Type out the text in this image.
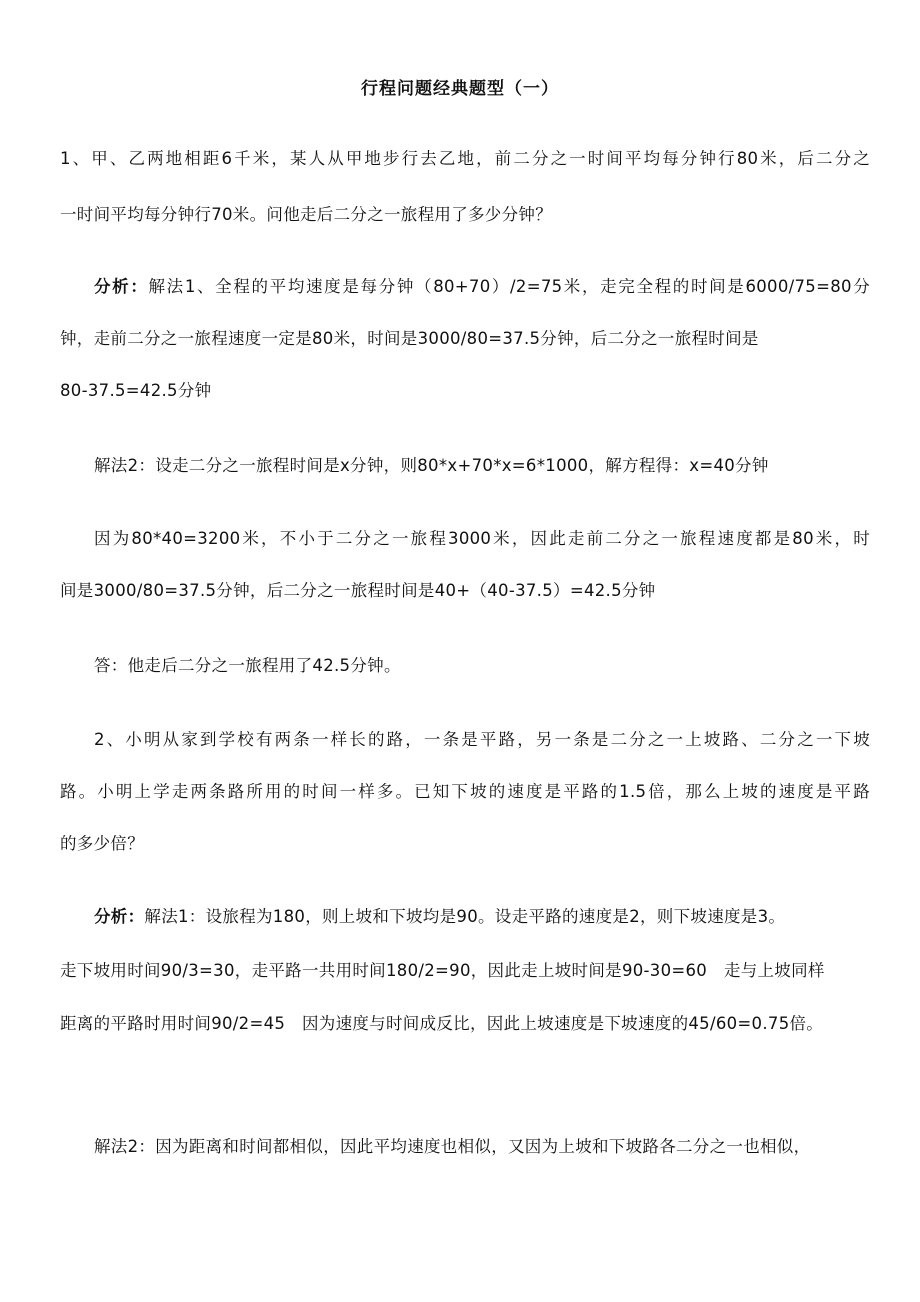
行程问题经典题型（一）
1、甲、乙两地相距6千米，某人从甲地步行去乙地，前二分之一时间平均每分钟行80米，后二分之
一时间平均每分钟行70米。问他走后二分之一旅程用了多少分钟？
分析：解法1、全程的平均速度是每分钟（80+70）/2=75米，走完全程的时间是6000/75=80分
钟，走前二分之一旅程速度一定是80米，时间是3000/80=37.5分钟，后二分之一旅程时间是
80-37.5=42.5分钟
解法2：设走二分之一旅程时间是x分钟，则80*x+70*x=6*1000，解方程得：x=40分钟
因为80*40=3200米，不小于二分之一旅程3000米，因此走前二分之一旅程速度都是80米，时
间是3000/80=37.5分钟，后二分之一旅程时间是40+（40-37.5）=42.5分钟
答：他走后二分之一旅程用了42.5分钟。
2、小明从家到学校有两条一样长的路，一条是平路，另一条是二分之一上坡路、二分之一下坡
路。小明上学走两条路所用的时间一样多。已知下坡的速度是平路的1.5倍，那么上坡的速度是平路
的多少倍？
分析：解法1：设旅程为180，则上坡和下坡均是90。设走平路的速度是2，则下坡速度是3。
走下坡用时间90/3=30，走平路一共用时间180/2=90，因此走上坡时间是90-30=60　走与上坡同样
距离的平路时用时间90/2=45　因为速度与时间成反比，因此上坡速度是下坡速度的45/60=0.75倍。
解法2：因为距离和时间都相似，因此平均速度也相似，又因为上坡和下坡路各二分之一也相似，
